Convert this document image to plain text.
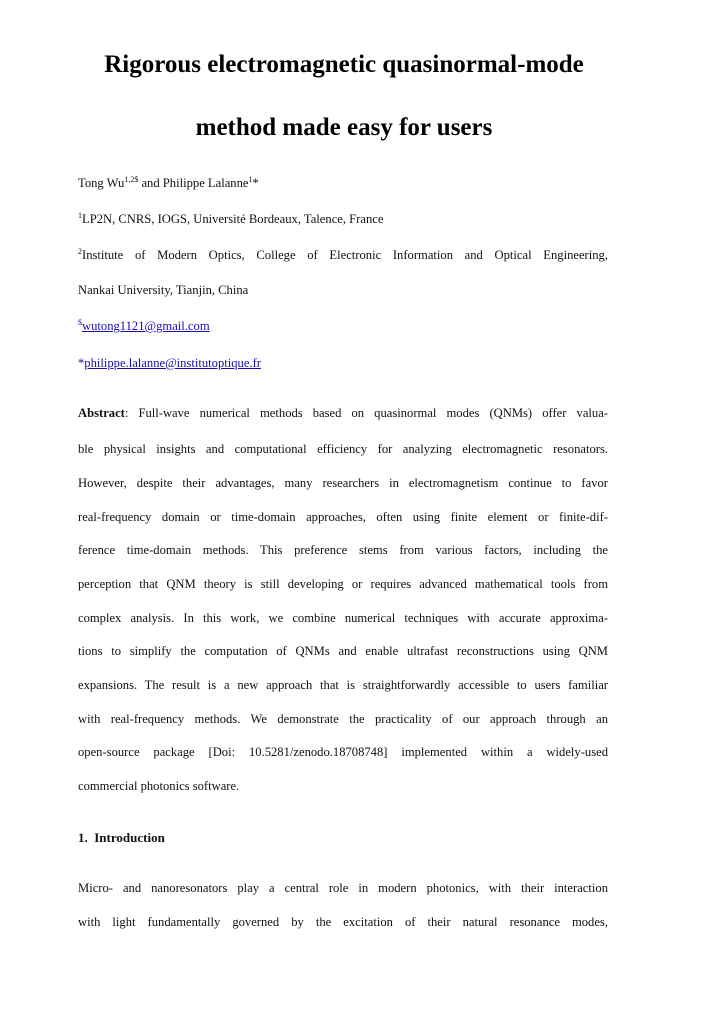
Rigorous electromagnetic quasinormal-mode
method made easy for users
Tong $Wu^{1,2\$}$ and Philippe Lalanne$^1$*
$^1$LP2N, CNRS, IOGS, Université Bordeaux, Talence, France
$^2$Institute of Modern Optics, College of Electronic Information and Optical Engineering,
Nankai University, Tianjin, China
$wutong1121@gmail.com
*philippe.lalanne@institutoptique.fr
Abstract: Full-wave numerical methods based on quasinormal modes (QNMs) offer valua-
ble physical insights and computational efficiency for analyzing electromagnetic resonators.
However, despite their advantages, many researchers in electromagnetism continue to favor
real-frequency domain or time-domain approaches, often using finite element or finite-dif-
ference time-domain methods. This preference stems from various factors, including the
perception that QNM theory is still developing or requires advanced mathematical tools from
complex analysis. In this work, we combine numerical techniques with accurate approxima-
tions to simplify the computation of QNMs and enable ultrafast reconstructions using QNM
expansions. The result is a new approach that is straightforwardly accessible to users familiar
with real-frequency methods. We demonstrate the practicality of our approach through an
open-source package [Doi: 10.5281/zenodo.18708748] implemented within a widely-used
commercial photonics software.
1.  Introduction
Micro- and nanoresonators play a central role in modern photonics, with their interaction
with light fundamentally governed by the excitation of their natural resonance modes,
